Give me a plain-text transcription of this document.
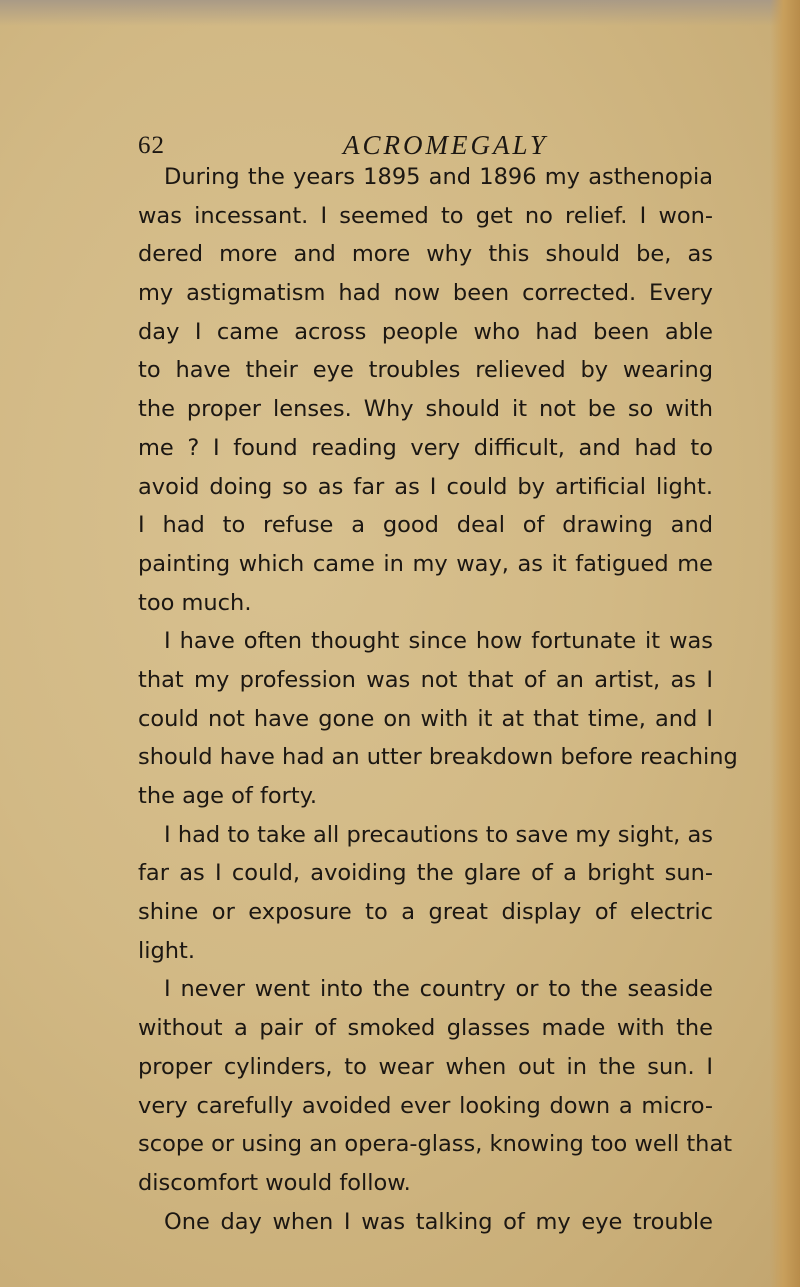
62	ACROMEGALY
During the years 1895 and 1896 my asthenopia
was incessant. I seemed to get no relief. I won-
dered more and more why this should be, as
my astigmatism had now been corrected. Every
day I came across people who had been able
to have their eye troubles relieved by wearing
the proper lenses. Why should it not be so with
me ? I found reading very difficult, and had to
avoid doing so as far as I could by artificial light.
I had to refuse a good deal of drawing and
painting which came in my way, as it fatigued me
too much.
I have often thought since how fortunate it was
that my profession was not that of an artist, as I
could not have gone on with it at that time, and I
should have had an utter breakdown before reaching
the age of forty.
I had to take all precautions to save my sight, as
far as I could, avoiding the glare of a bright sun-
shine or exposure to a great display of electric
light.
I never went into the country or to the seaside
without a pair of smoked glasses made with the
proper cylinders, to wear when out in the sun. I
very carefully avoided ever looking down a micro-
scope or using an opera-glass, knowing too well that
discomfort would follow.
One day when I was talking of my eye trouble
